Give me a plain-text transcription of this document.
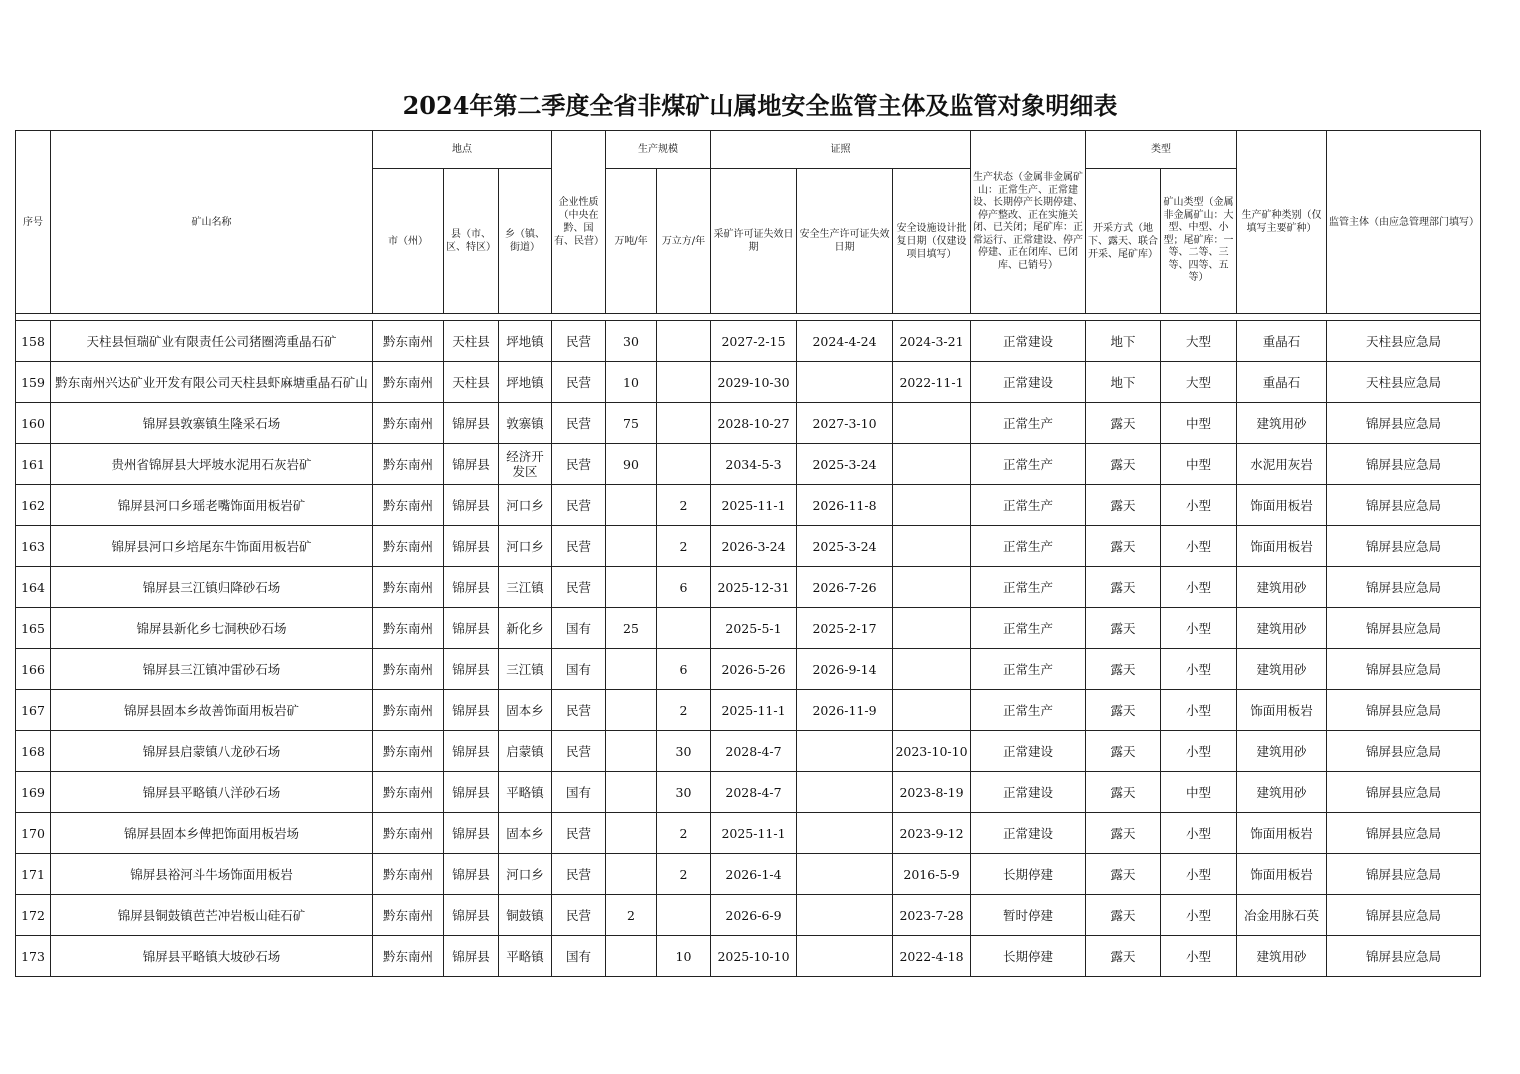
2024年第二季度全省非煤矿山属地安全监管主体及监管对象明细表
序号	矿山名称	地点			企业性质（中央在黔、国有、民营）	生产规模		证照			生产状态（金属非金属矿山：正常生产、正常建设、长期停产长期停建、停产整改、正在实施关闭、已关闭；尾矿库：正常运行、正常建设、停产停建、正在闭库、已闭库、已销号）	类型		生产矿种类别（仅填写主要矿种）	监管主体（由应急管理部门填写）
		市（州）	县（市、区、特区）	乡（镇、街道）		万吨/年	万立方/年	采矿许可证失效日期	安全生产许可证失效日期	安全设施设计批复日期（仅建设项目填写）		开采方式（地下、露天、联合开采、尾矿库）	矿山类型（金属非金属矿山：大型、中型、小型；尾矿库：一等、二等、三等、四等、五等）		

158	天柱县恒瑞矿业有限责任公司猪圈湾重晶石矿	黔东南州	天柱县	坪地镇	民营	30		2027-2-15	2024-4-24	2024-3-21	正常建设	地下	大型	重晶石	天柱县应急局
159	黔东南州兴达矿业开发有限公司天柱县虾麻塘重晶石矿山	黔东南州	天柱县	坪地镇	民营	10		2029-10-30		2022-11-1	正常建设	地下	大型	重晶石	天柱县应急局
160	锦屏县敦寨镇生隆采石场	黔东南州	锦屏县	敦寨镇	民营	75		2028-10-27	2027-3-10		正常生产	露天	中型	建筑用砂	锦屏县应急局
161	贵州省锦屏县大坪坡水泥用石灰岩矿	黔东南州	锦屏县	经济开发区	民营	90		2034-5-3	2025-3-24		正常生产	露天	中型	水泥用灰岩	锦屏县应急局
162	锦屏县河口乡瑶老嘴饰面用板岩矿	黔东南州	锦屏县	河口乡	民营		2	2025-11-1	2026-11-8		正常生产	露天	小型	饰面用板岩	锦屏县应急局
163	锦屏县河口乡培尾东牛饰面用板岩矿	黔东南州	锦屏县	河口乡	民营		2	2026-3-24	2025-3-24		正常生产	露天	小型	饰面用板岩	锦屏县应急局
164	锦屏县三江镇归降砂石场	黔东南州	锦屏县	三江镇	民营		6	2025-12-31	2026-7-26		正常生产	露天	小型	建筑用砂	锦屏县应急局
165	锦屏县新化乡七洞秧砂石场	黔东南州	锦屏县	新化乡	国有	25		2025-5-1	2025-2-17		正常生产	露天	小型	建筑用砂	锦屏县应急局
166	锦屏县三江镇冲雷砂石场	黔东南州	锦屏县	三江镇	国有		6	2026-5-26	2026-9-14		正常生产	露天	小型	建筑用砂	锦屏县应急局
167	锦屏县固本乡故善饰面用板岩矿	黔东南州	锦屏县	固本乡	民营		2	2025-11-1	2026-11-9		正常生产	露天	小型	饰面用板岩	锦屏县应急局
168	锦屏县启蒙镇八龙砂石场	黔东南州	锦屏县	启蒙镇	民营		30	2028-4-7		2023-10-10	正常建设	露天	小型	建筑用砂	锦屏县应急局
169	锦屏县平略镇八洋砂石场	黔东南州	锦屏县	平略镇	国有		30	2028-4-7		2023-8-19	正常建设	露天	中型	建筑用砂	锦屏县应急局
170	锦屏县固本乡俾把饰面用板岩场	黔东南州	锦屏县	固本乡	民营		2	2025-11-1		2023-9-12	正常建设	露天	小型	饰面用板岩	锦屏县应急局
171	锦屏县裕河斗牛场饰面用板岩	黔东南州	锦屏县	河口乡	民营		2	2026-1-4		2016-5-9	长期停建	露天	小型	饰面用板岩	锦屏县应急局
172	锦屏县铜鼓镇芭芒冲岩板山硅石矿	黔东南州	锦屏县	铜鼓镇	民营	2		2026-6-9		2023-7-28	暂时停建	露天	小型	冶金用脉石英	锦屏县应急局
173	锦屏县平略镇大坡砂石场	黔东南州	锦屏县	平略镇	国有		10	2025-10-10		2022-4-18	长期停建	露天	小型	建筑用砂	锦屏县应急局
